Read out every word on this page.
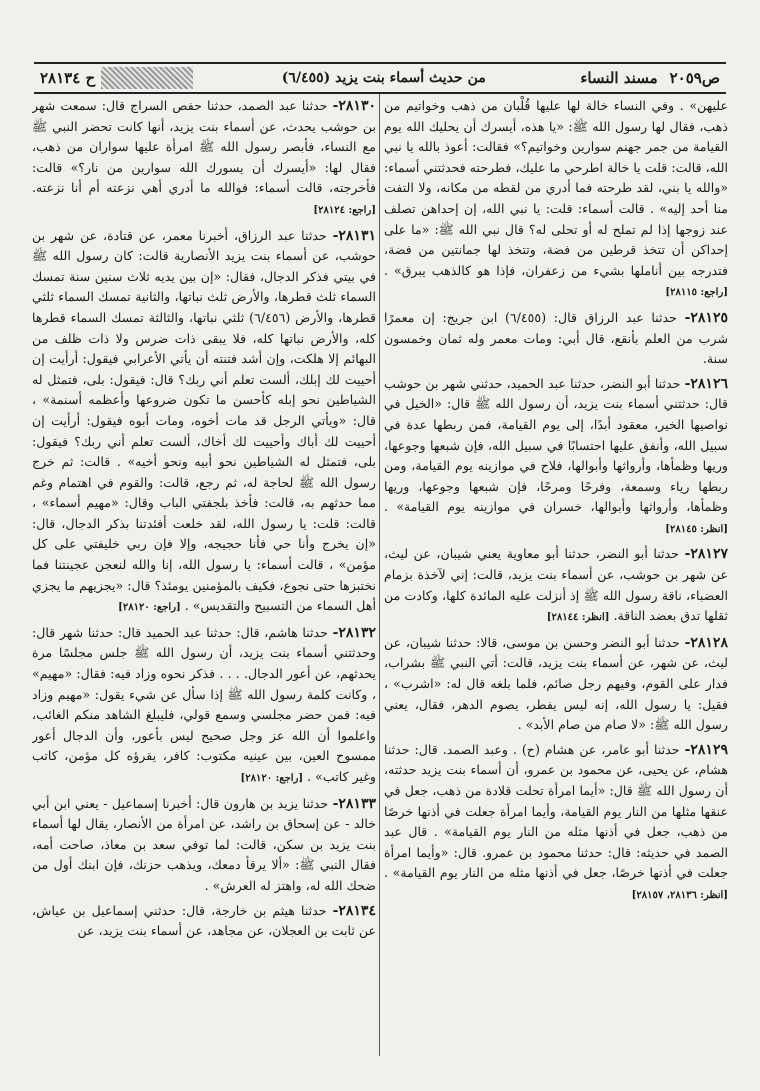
ص٢٠٥٩
مسند النساء
من حديث أسماء بنت يزيد (٦/٤٥٥)
ح ٢٨١٣٤
عليهن» . وفي النساء خالة لها عليها قُلْبان من ذهب وخواتيم من ذهب، فقال لها رسول الله ﷺ: «يا هذه، أيسرك أن يحليك الله يوم القيامة من جمر جهنم سوارين وخواتيم؟» فقالت: أعوذ بالله يا نبي الله، قالت: قلت يا خالة اطرحي ما عليك، فطرحته فحدثتني أسماء: «والله يا بني، لقد طرحته فما أدري من لقطه من مكانه، ولا التفت منا أحد إليه» . قالت أسماء: قلت: يا نبي الله، إن إحداهن تصلف عند زوجها إذا لم تملح له أو تحلى له؟ قال نبي الله ﷺ: «ما على إحداكن أن تتخذ قرطين من فضة، وتتخذ لها جمانتين من فضة، فتدرجه بين أناملها بشيء من زعفران، فإذا هو كالذهب يبرق» . [راجع: ٢٨١١٥]
٢٨١٢٥- حدثنا عبد الرزاق قال: (٦/٤٥٥) ابن جريج: إن معمرًا شرب من العلم بأنقع، قال أبي: ومات معمر وله ثمان وخمسون سنة.
٢٨١٢٦- حدثنا أبو النضر، حدثنا عبد الحميد، حدثني شهر بن حوشب قال: حدثتني أسماء بنت يزيد، أن رسول الله ﷺ قال: «الخيل في نواصيها الخير، معقود أبدًا، إلى يوم القيامة، فمن ربطها عدة في سبيل الله، وأنفق عليها احتسابًا في سبيل الله، فإن شبعها وجوعها، وريها وظمأها، وأرواثها وأبوالها، فلاح في موازينه يوم القيامة، ومن ربطها رياء وسمعة، وفرحًا ومرحًا، فإن شبعها وجوعها، وريها وظمأها، وأرواثها وأبوالها، خسران في موازينه يوم القيامة» . [انظر: ٢٨١٤٥]
٢٨١٢٧- حدثنا أبو النضر، حدثنا أبو معاوية يعني شيبان، عن ليث، عن شهر بن حوشب، عن أسماء بنت يزيد، قالت: إني لآخذة بزمام العضباء، ناقة رسول الله ﷺ إذ أنزلت عليه المائدة كلها، وكادت من ثقلها تدق بعضد الناقة. [انظر: ٢٨١٤٤]
٢٨١٢٨- حدثنا أبو النضر وحسن بن موسى، قالا: حدثنا شيبان، عن ليث، عن شهر، عن أسماء بنت يزيد، قالت: أتي النبي ﷺ بشراب، فدار على القوم، وفيهم رجل صائم، فلما بلغه قال له: «اشرب» ، فقيل: يا رسول الله، إنه ليس يفطر، يصوم الدهر، فقال، يعني رسول الله ﷺ: «لا صام من صام الأبد» .
٢٨١٢٩- حدثنا أبو عامر، عن هشام (ح) . وعبد الصمد. قال: حدثنا هشام، عن يحيى، عن محمود بن عمرو، أن أسماء بنت يزيد حدثته، أن رسول الله ﷺ قال: «أيما امرأة تحلت قلادة من ذهب، جعل في عنقها مثلها من النار يوم القيامة، وأيما امرأة جعلت في أذنها خرصًا من ذهب، جعل في أذنها مثله من النار يوم القيامة» . قال عبد الصمد في حديثه: قال: حدثنا محمود بن عمرو. قال: «وأيما امرأة جعلت في أذنها خرصًا، جعل في أذنها مثله من النار يوم القيامة» . [انظر: ٢٨١٣٦، ٢٨١٥٧]
٢٨١٣٠- حدثنا عبد الصمد، حدثنا حفص السراج قال: سمعت شهر بن حوشب يحدث، عن أسماء بنت يزيد، أنها كانت تحضر النبي ﷺ مع النساء، فأبصر رسول الله ﷺ امرأة عليها سواران من ذهب، فقال لها: «أيسرك أن يسورك الله سوارين من نار؟» قالت: فأخرجته، قالت أسماء: فوالله ما أدري أهي نزعته أم أنا نزعته. [راجع: ٢٨١٢٤]
٢٨١٣١- حدثنا عبد الرزاق، أخبرنا معمر، عن قتادة، عن شهر بن حوشب، عن أسماء بنت يزيد الأنصارية قالت: كان رسول الله ﷺ في بيتي فذكر الدجال، فقال: «إن بين يديه ثلاث سنين سنة تمسك السماء ثلث قطرها، والأرض ثلث نباتها، والثانية تمسك السماء ثلثي قطرها، والأرض (٦/٤٥٦) ثلثي نباتها، والثالثة تمسك السماء قطرها كله، والأرض نباتها كله، فلا يبقى ذات ضرس ولا ذات ظلف من البهائم إلا هلكت، وإن أشد فتنته أن يأتي الأعرابي فيقول: أرأيت إن أحييت لك إبلك، ألست تعلم أني ربك؟ قال: فيقول: بلى، فتمثل له الشياطين نحو إبله كأحسن ما تكون ضروعها وأعظمه أسنمة» ، قال: «ويأتي الرجل قد مات أخوه، ومات أبوه فيقول: أرأيت إن أحييت لك أباك وأحييت لك أخاك، ألست تعلم أني ربك؟ فيقول: بلى، فتمثل له الشياطين نحو أبيه ونحو أخيه» . قالت: ثم خرج رسول الله ﷺ لحاجة له، ثم رجع، قالت: والقوم في اهتمام وغم مما حدثهم به، قالت: فأخذ بلجفتي الباب وقال: «مهيم أسماء» ، قالت: قلت: يا رسول الله، لقد خلعت أفئدتنا بذكر الدجال، قال: «إن يخرج وأنا حي فأنا حجيجه، وإلا فإن ربي خليفتي على كل مؤمن» ، قالت أسماء: يا رسول الله، إنا والله لنعجن عجينتنا فما نختبزها حتى نجوع، فكيف بالمؤمنين يومئذ؟ قال: «يجزيهم ما يجزي أهل السماء من التسبيح والتقديس» . [راجع: ٢٨١٢٠]
٢٨١٣٢- حدثنا هاشم، قال: حدثنا عبد الحميد قال: حدثنا شهر قال: وحدثتني أسماء بنت يزيد، أن رسول الله ﷺ جلس مجلسًا مرة يحدثهم، عن أعور الدجال. . . . فذكر نحوه وزاد فيه: فقال: «مهيم» ، وكانت كلمة رسول الله ﷺ إذا سأل عن شيء يقول: «مهيم وزاد فيه: فمن حضر مجلسي وسمع قولي، فليبلغ الشاهد منكم الغائب، واعلموا أن الله عز وجل صحيح ليس بأعور، وأن الدجال أعور ممسوح العين، بين عينيه مكتوب: كافر، يقرؤه كل مؤمن، كاتب وغير كاتب» . [راجع: ٢٨١٢٠]
٢٨١٣٣- حدثنا يزيد بن هارون قال: أخبرنا إسماعيل - يعني ابن أبي خالد - عن إسحاق بن راشد، عن امرأة من الأنصار، يقال لها أسماء بنت يزيد بن سكن، قالت: لما توفي سعد بن معاذ، صاحت أمه، فقال النبي ﷺ: «ألا يرقأ دمعك، ويذهب حزنك، فإن ابنك أول من ضحك الله له، واهتز له العرش» .
٢٨١٣٤- حدثنا هيثم بن خارجة، قال: حدثني إسماعيل بن عياش، عن ثابت بن العجلان، عن مجاهد، عن أسماء بنت يزيد، عن
